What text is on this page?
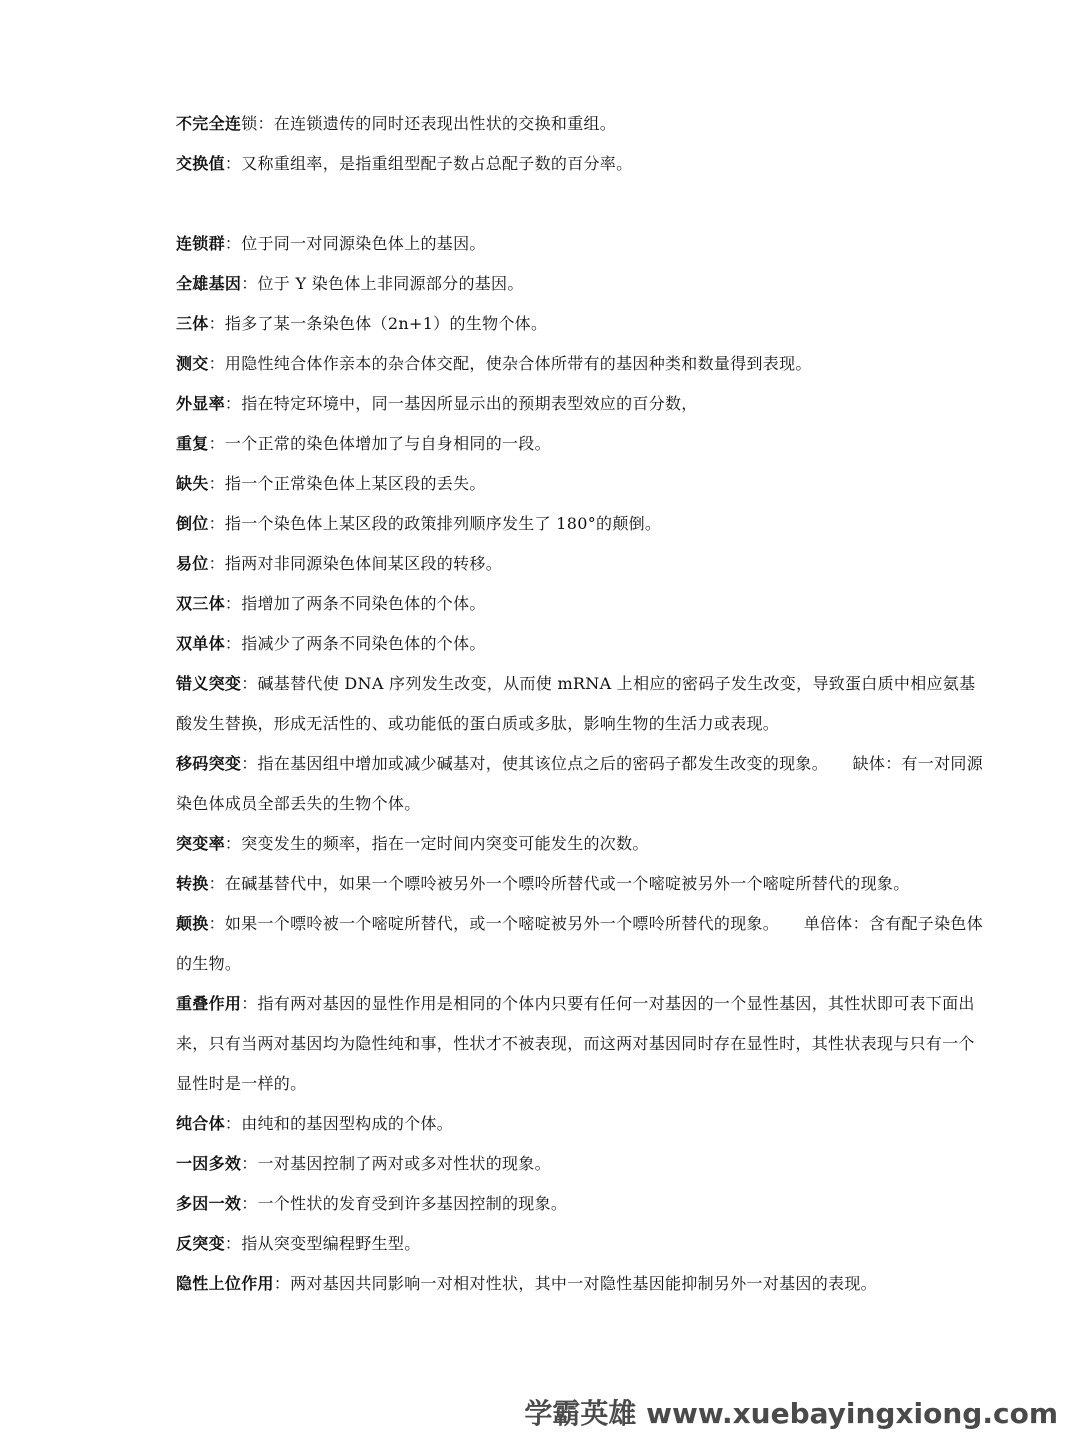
不完全连锁：在连锁遗传的同时还表现出性状的交换和重组。

交换值：又称重组率，是指重组型配子数占总配子数的百分率。

连锁群：位于同一对同源染色体上的基因。

全雄基因：位于 Y 染色体上非同源部分的基因。

三体：指多了某一条染色体（2n+1）的生物个体。

测交：用隐性纯合体作亲本的杂合体交配，使杂合体所带有的基因种类和数量得到表现。

外显率：指在特定环境中，同一基因所显示出的预期表型效应的百分数，

重复：一个正常的染色体增加了与自身相同的一段。

缺失：指一个正常染色体上某区段的丢失。

倒位：指一个染色体上某区段的政策排列顺序发生了 180°的颠倒。

易位：指两对非同源染色体间某区段的转移。

双三体：指增加了两条不同染色体的个体。

双单体：指减少了两条不同染色体的个体。

错义突变：碱基替代使 DNA 序列发生改变，从而使 mRNA 上相应的密码子发生改变，导致蛋白质中相应氨基酸发生替换，形成无活性的、或功能低的蛋白质或多肽，影响生物的生活力或表现。

移码突变：指在基因组中增加或减少碱基对，使其该位点之后的密码子都发生改变的现象。　　缺体：有一对同源染色体成员全部丢失的生物个体。

突变率：突变发生的频率，指在一定时间内突变可能发生的次数。

转换：在碱基替代中，如果一个嘌呤被另外一个嘌呤所替代或一个嘧啶被另外一个嘧啶所替代的现象。

颠换：如果一个嘌呤被一个嘧啶所替代，或一个嘧啶被另外一个嘌呤所替代的现象。　　单倍体：含有配子染色体的生物。

重叠作用：指有两对基因的显性作用是相同的个体内只要有任何一对基因的一个显性基因，其性状即可表下面出来，只有当两对基因均为隐性纯和事，性状才不被表现，而这两对基因同时存在显性时，其性状表现与只有一个显性时是一样的。

纯合体：由纯和的基因型构成的个体。

一因多效：一对基因控制了两对或多对性状的现象。

多因一效：一个性状的发育受到许多基因控制的现象。

反突变：指从突变型编程野生型。

隐性上位作用：两对基因共同影响一对相对性状，其中一对隐性基因能抑制另外一对基因的表现。

学霸英雄 www.xuebayingxiong.com
